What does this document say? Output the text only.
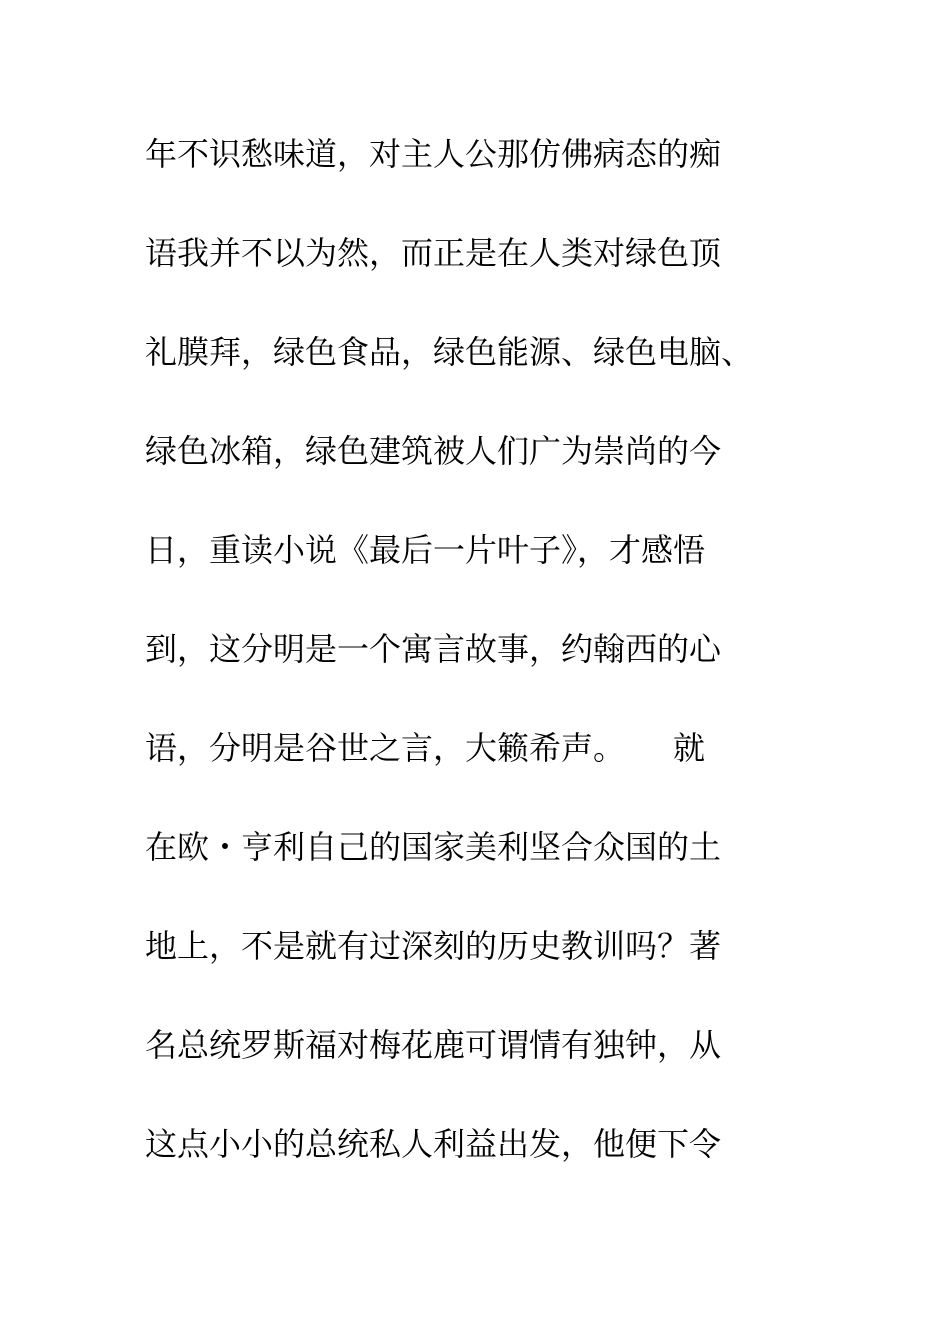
年不识愁味道，对主人公那仿佛病态的痴
语我并不以为然，而正是在人类对绿色顶
礼膜拜，绿色食品，绿色能源、绿色电脑、
绿色冰箱，绿色建筑被人们广为崇尚的今
日，重读小说《最后一片叶子》，才感悟
到，这分明是一个寓言故事，约翰西的心
语，分明是谷世之言，大籁希声。　　就
在欧・亨利自己的国家美利坚合众国的土
地上，不是就有过深刻的历史教训吗？著
名总统罗斯福对梅花鹿可谓情有独钟，从
这点小小的总统私人利益出发，他便下令
